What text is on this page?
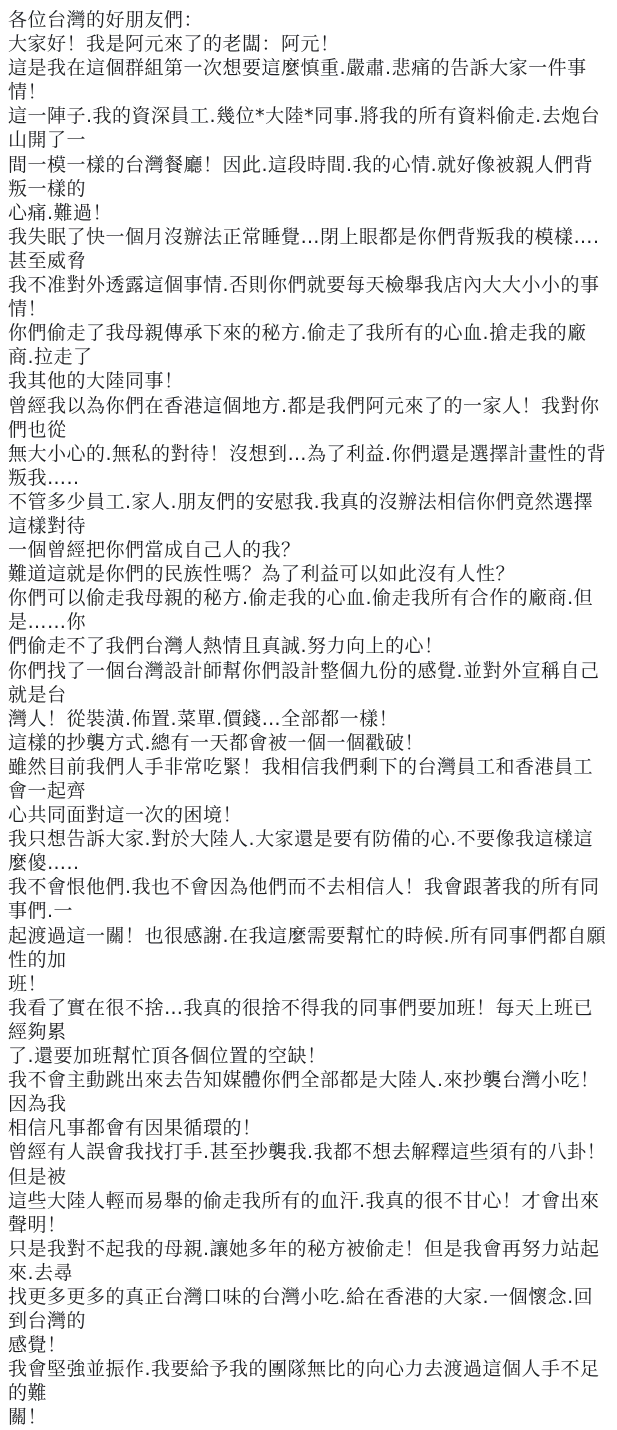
各位台灣的好朋友們：

大家好！我是阿元來了的老闆：阿元！

這是我在這個群組第一次想要這麼慎重.嚴肅.悲痛的告訴大家一件事情！

這一陣子.我的資深員工.幾位*大陸*同事.將我的所有資料偷走.去炮台山開了一
間一模一樣的台灣餐廳！因此.這段時間.我的心情.就好像被親人們背叛一樣的
心痛.難過！

我失眠了快一個月沒辦法正常睡覺…閉上眼都是你們背叛我的模樣….甚至威脅
我不准對外透露這個事情.否則你們就要每天檢舉我店內大大小小的事情！

你們偷走了我母親傳承下來的秘方.偷走了我所有的心血.搶走我的廠商.拉走了
我其他的大陸同事！

曾經我以為你們在香港這個地方.都是我們阿元來了的一家人！我對你們也從
無大小心的.無私的對待！沒想到…為了利益.你們還是選擇計畫性的背叛我…..
不管多少員工.家人.朋友們的安慰我.我真的沒辦法相信你們竟然選擇這樣對待
一個曾經把你們當成自己人的我？

難道這就是你們的民族性嗎？為了利益可以如此沒有人性？

你們可以偷走我母親的秘方.偷走我的心血.偷走我所有合作的廠商.但是……你
們偷走不了我們台灣人熱情且真誠.努力向上的心！

你們找了一個台灣設計師幫你們設計整個九份的感覺.並對外宣稱自己就是台
灣人！從裝潢.佈置.菜單.價錢…全部都一樣！

這樣的抄襲方式.總有一天都會被一個一個戳破！

雖然目前我們人手非常吃緊！我相信我們剩下的台灣員工和香港員工會一起齊
心共同面對這一次的困境！

我只想告訴大家.對於大陸人.大家還是要有防備的心.不要像我這樣這麼傻…..
我不會恨他們.我也不會因為他們而不去相信人！我會跟著我的所有同事們.一
起渡過這一關！也很感謝.在我這麼需要幫忙的時候.所有同事們都自願性的加
班！

我看了實在很不捨…我真的很捨不得我的同事們要加班！每天上班已經夠累
了.還要加班幫忙頂各個位置的空缺！

我不會主動跳出來去告知媒體你們全部都是大陸人.來抄襲台灣小吃！因為我
相信凡事都會有因果循環的！

曾經有人誤會我找打手.甚至抄襲我.我都不想去解釋這些須有的八卦！但是被
這些大陸人輕而易舉的偷走我所有的血汗.我真的很不甘心！才會出來聲明！

只是我對不起我的母親.讓她多年的秘方被偷走！但是我會再努力站起來.去尋
找更多更多的真正台灣口味的台灣小吃.給在香港的大家.一個懷念.回到台灣的
感覺！

我會堅強並振作.我要給予我的團隊無比的向心力去渡過這個人手不足的難
關！
